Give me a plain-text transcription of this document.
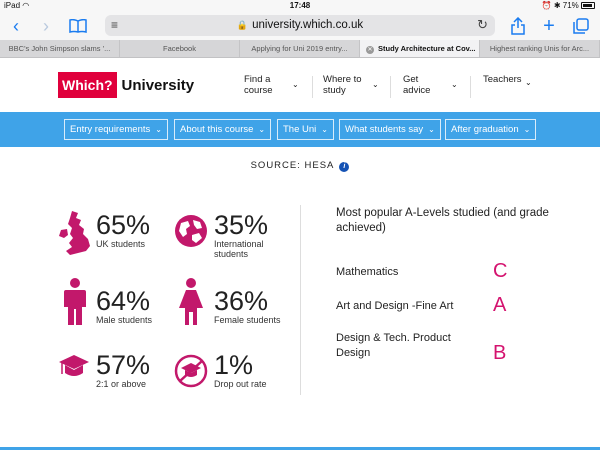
iPad ◠	17:48	⏰ ✱ 71%
‹ ›	≡	🔒 university.which.co.uk	↻	+
BBC's John Simpson slams '...	Facebook	Applying for Uni 2019 entry...	✕ Study Architecture at Cov...	Highest ranking Unis for Arc...
Which? University	Find a
course
⌄	Where to
study
⌄	Get
advice
⌄	Teachers ⌄
Entry requirements ⌄	About this course ⌄	The Uni ⌄	What students say ⌄	After graduation ⌄
SOURCE: HESA i
65%
UK students
35%
International students
64%
Male students
36%
Female students
57%
2:1 or above
1%
Drop out rate
Most popular A-Levels studied (and grade achieved)
Mathematics	C
Art and Design -Fine Art	A
Design & Tech. Product Design	B
